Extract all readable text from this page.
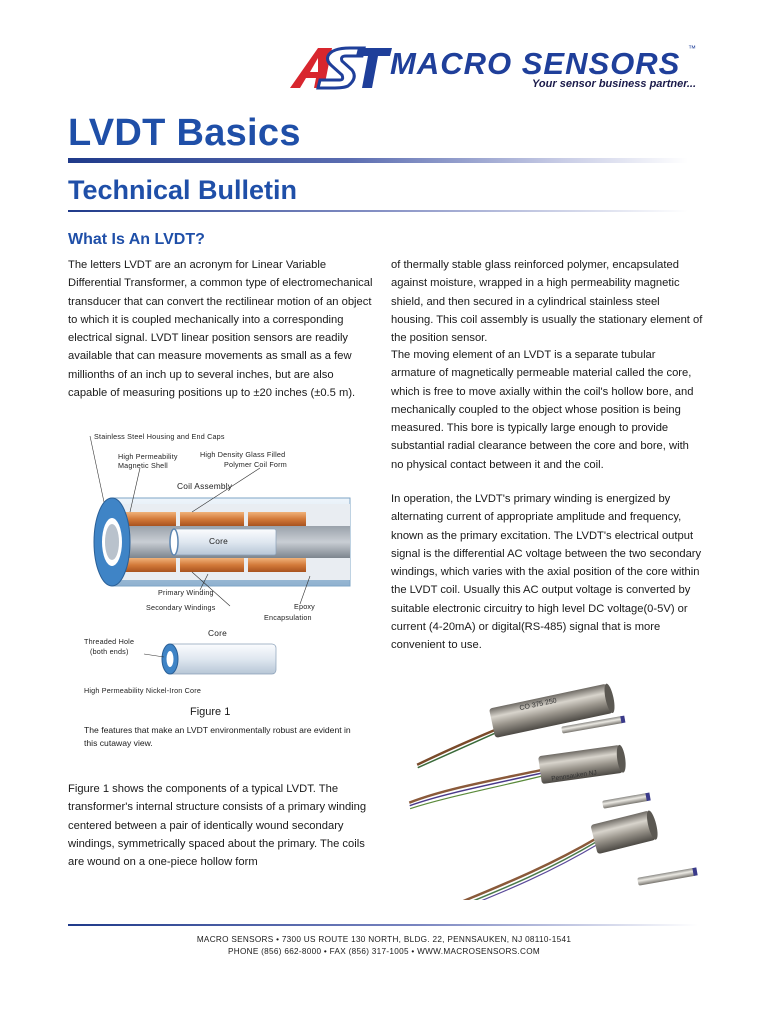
MACRO SENSORS ™
Your sensor business partner...
LVDT Basics
Technical Bulletin
What Is An LVDT?

The letters LVDT are an acronym for Linear Variable Differential Transformer, a common type of electromechanical transducer that can convert the rectilinear motion of an object to which it is coupled mechanically into a corresponding electrical signal. LVDT linear position sensors are readily available that can measure movements as small as a few millionths of an inch up to several inches, but are also capable of measuring positions up to ±20 inches (±0.5 m).

of thermally stable glass reinforced polymer, encapsulated against moisture, wrapped in a high permeability magnetic shield, and then secured in a cylindrical stainless steel housing. This coil assembly is usually the stationary element of the position sensor.

The moving element of an LVDT is a separate tubular armature of magnetically permeable material called the core, which is free to move axially within the coil's hollow bore, and mechanically coupled to the object whose position is being measured. This bore is typically large enough to provide substantial radial clearance between the core and bore, with no physical contact between it and the coil.

In operation, the LVDT's primary winding is energized by alternating current of appropriate amplitude and frequency, known as the primary excitation. The LVDT's electrical output signal is the differential AC voltage between the two secondary windings, which varies with the axial position of the core within the LVDT coil. Usually this AC output voltage is converted by suitable electronic circuitry to high level DC voltage(0-5V) or current (4-20mA) or digital(RS-485) signal that is more convenient to use.

Figure 1 shows the components of a typical LVDT. The transformer's internal structure consists of a primary winding centered between a pair of identically wound secondary windings, symmetrically spaced about the primary. The coils are wound on a one-piece hollow form

Stainless Steel Housing and End Caps
High Permeability
Magnetic Shell
High Density Glass Filled
Polymer Coil Form
Coil Assembly
Core
Primary Winding
Secondary Windings	Epoxy
Encapsulation
Core
Threaded Hole
(both ends)
High Permeability Nickel-Iron Core
Figure 1

The features that make an LVDT environmentally robust are evident in this cutaway view.

CO 375 250
Pennsauken NJ
MACRO SENSORS • 7300 US ROUTE 130 NORTH, BLDG. 22, PENNSAUKEN, NJ 08110-1541
PHONE (856) 662-8000 • FAX (856) 317-1005 • WWW.MACROSENSORS.COM
